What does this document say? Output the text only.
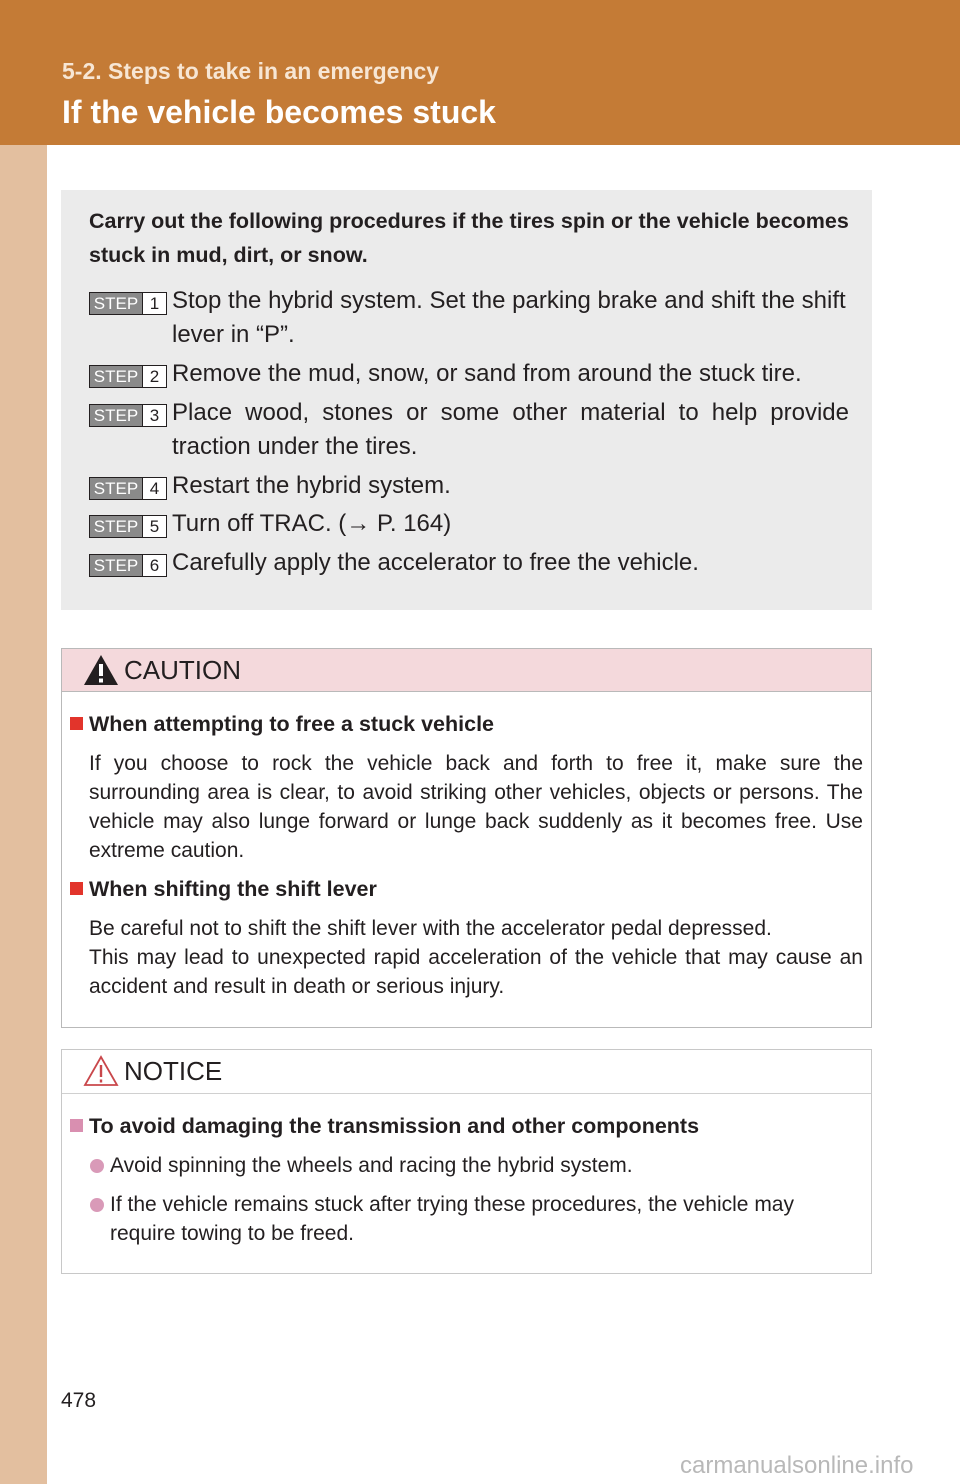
5-2. Steps to take in an emergency

If the vehicle becomes stuck

Carry out the following procedures if the tires spin or the vehicle becomes stuck in mud, dirt, or snow.
STEP 1 Stop the hybrid system. Set the parking brake and shift the shift lever in “P”.
STEP 2 Remove the mud, snow, or sand from around the stuck tire.
STEP 3 Place wood, stones or some other material to help provide traction under the tires.
STEP 4 Restart the hybrid system.
STEP 5 Turn off TRAC. (→ P. 164)
STEP 6 Carefully apply the accelerator to free the vehicle.
CAUTION
When attempting to free a stuck vehicle

If you choose to rock the vehicle back and forth to free it, make sure the surrounding area is clear, to avoid striking other vehicles, objects or persons. The vehicle may also lunge forward or lunge back suddenly as it becomes free. Use extreme caution.

When shifting the shift lever

Be careful not to shift the shift lever with the accelerator pedal depressed.

This may lead to unexpected rapid acceleration of the vehicle that may cause an accident and result in death or serious injury.

NOTICE
To avoid damaging the transmission and other components
Avoid spinning the wheels and racing the hybrid system.
If the vehicle remains stuck after trying these procedures, the vehicle may require towing to be freed.

478

carmanualsonline.info
